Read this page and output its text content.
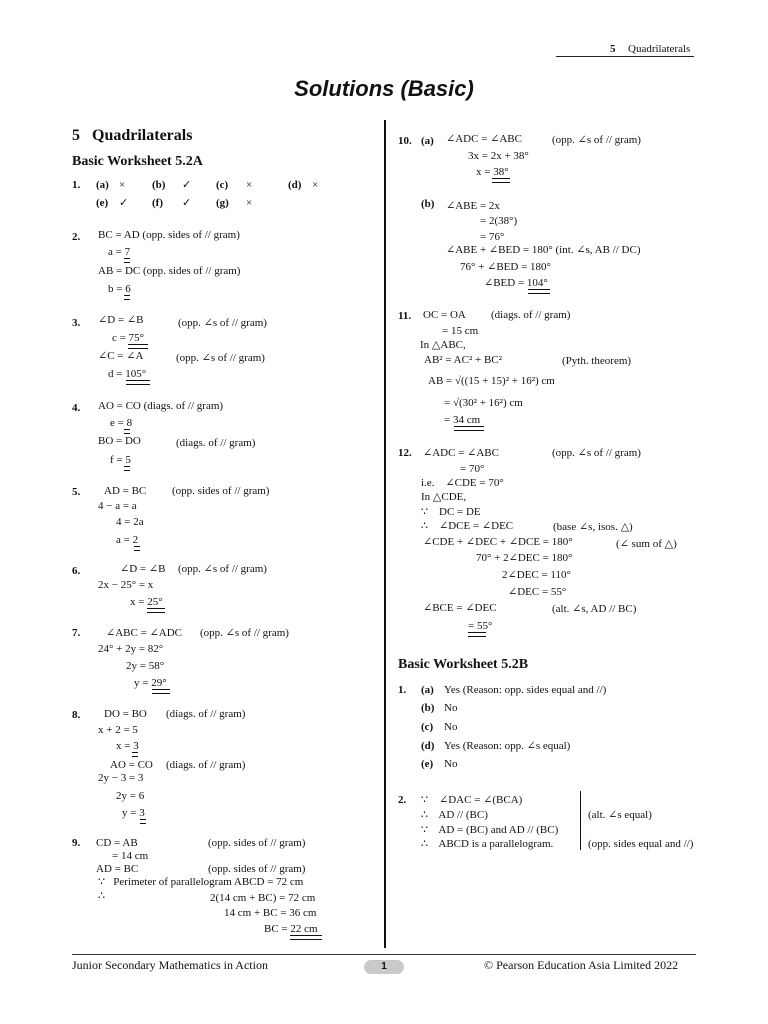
5 Quadrilaterals
Solutions (Basic)
5   Quadrilaterals
Basic Worksheet 5.2A
Basic Worksheet 5.2B
1. (a) × (b) ✓ (c) ×	(d) ×
(e) ✓ (f) ✓ (g) ×
2. BC = AD (opp. sides of // gram)
a = 7
AB = DC (opp. sides of // gram)
b = 6
3. ∠D = ∠B	(opp. ∠s of // gram)
c = 75°
∠C = ∠A	(opp. ∠s of // gram)
d = 105°
4. AO = CO (diags. of // gram)
e = 8
BO = DO	(diags. of // gram)
f = 5
5. AD = BC (opp. sides of // gram)
4 − a = a
4 = 2a
a = 2
6.	∠D = ∠B (opp. ∠s of // gram)
2x − 25° = x
x = 25°
7. ∠ABC = ∠ADC (opp. ∠s of // gram)
24° + 2y = 82°
2y = 58°
y = 29°
8. DO = BO (diags. of // gram)
x + 2 = 5
x = 3
AO = CO (diags. of // gram)
2y − 3 = 3
2y = 6
y = 3
9. CD = AB	(opp. sides of // gram)
= 14 cm
AD = BC	(opp. sides of // gram)
∵   Perimeter of parallelogram ABCD = 72 cm
∴	2(14 cm + BC) = 72 cm
14 cm + BC = 36 cm
BC = 22 cm
10. (a) ∠ADC = ∠ABC	(opp. ∠s of // gram)
3x = 2x + 38°
x = 38°
(b) ∠ABE = 2x
= 2(38°)
= 76°
∠ABE + ∠BED = 180° (int. ∠s, AB // DC)
76° + ∠BED = 180°
∠BED = 104°
11. OC = OA (diags. of // gram)
= 15 cm
In △ABC,
AB² = AC² + BC²	(Pyth. theorem)
AB = √((15 + 15)² + 16²) cm
= √(30² + 16²) cm
= 34 cm
12. ∠ADC = ∠ABC	(opp. ∠s of // gram)
= 70°
i.e.    ∠CDE = 70°
In △CDE,
∵    DC = DE
∴    ∠DCE = ∠DEC	(base ∠s, isos. △)
∠CDE + ∠DEC + ∠DCE = 180°	(∠ sum of △)
70° + 2∠DEC = 180°
2∠DEC = 110°
∠DEC = 55°
∠BCE = ∠DEC	(alt. ∠s, AD // BC)
= 55°
1. (a) Yes (Reason: opp. sides equal and //)
(b) No
(c) No
(d) Yes (Reason: opp. ∠s equal)
(e) No
2. ∵    ∠DAC = ∠(BCA)
∴    AD // (BC)	(alt. ∠s equal)
∵    AD = (BC) and AD // (BC)
∴    ABCD is a parallelogram.	(opp. sides equal and //)
Junior Secondary Mathematics in Action	1	© Pearson Education Asia Limited 2022
